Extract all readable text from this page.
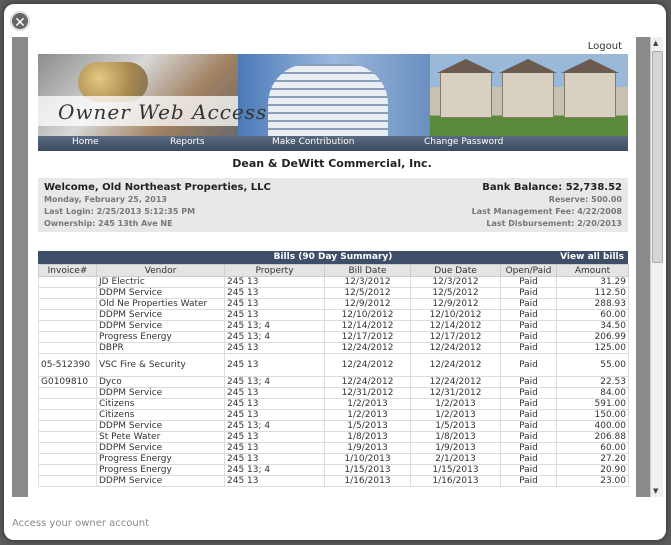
✕
Logout
Owner Web Access
Home	Reports	Make Contribution	Change Password
Dean & DeWitt Commercial, Inc.
Welcome, Old Northeast Properties, LLC
Monday, February 25, 2013
Last Login: 2/25/2013 5:12:35 PM
Ownership: 245 13th Ave NE
Bank Balance: 52,738.52
Reserve: 500.00
Last Management Fee: 4/22/2008
Last Disbursement: 2/20/2013
Bills (90 Day Summary)	View all bills
Invoice#	Vendor	Property	Bill Date	Due Date	Open/Paid	Amount
	JD Electric	245 13	12/3/2012	12/3/2012	Paid	31.29
	DDPM Service	245 13	12/5/2012	12/5/2012	Paid	112.50
	Old Ne Properties Water	245 13	12/9/2012	12/9/2012	Paid	288.93
	DDPM Service	245 13	12/10/2012	12/10/2012	Paid	60.00
	DDPM Service	245 13; 4	12/14/2012	12/14/2012	Paid	34.50
	Progress Energy	245 13; 4	12/17/2012	12/17/2012	Paid	206.99
	DBPR	245 13	12/24/2012	12/24/2012	Paid	125.00
05-512390	VSC Fire & Security	245 13	12/24/2012	12/24/2012	Paid	55.00
G0109810	Dyco	245 13; 4	12/24/2012	12/24/2012	Paid	22.53
	DDPM Service	245 13	12/31/2012	12/31/2012	Paid	84.00
	Citizens	245 13	1/2/2013	1/2/2013	Paid	591.00
	Citizens	245 13	1/2/2013	1/2/2013	Paid	150.00
	DDPM Service	245 13; 4	1/5/2013	1/5/2013	Paid	400.00
	St Pete Water	245 13	1/8/2013	1/8/2013	Paid	206.88
	DDPM Service	245 13	1/9/2013	1/9/2013	Paid	60.00
	Progress Energy	245 13	1/10/2013	2/1/2013	Paid	27.20
	Progress Energy	245 13; 4	1/15/2013	1/15/2013	Paid	20.90
	DDPM Service	245 13	1/16/2013	1/16/2013	Paid	23.00
▲
▼
Access your owner account
